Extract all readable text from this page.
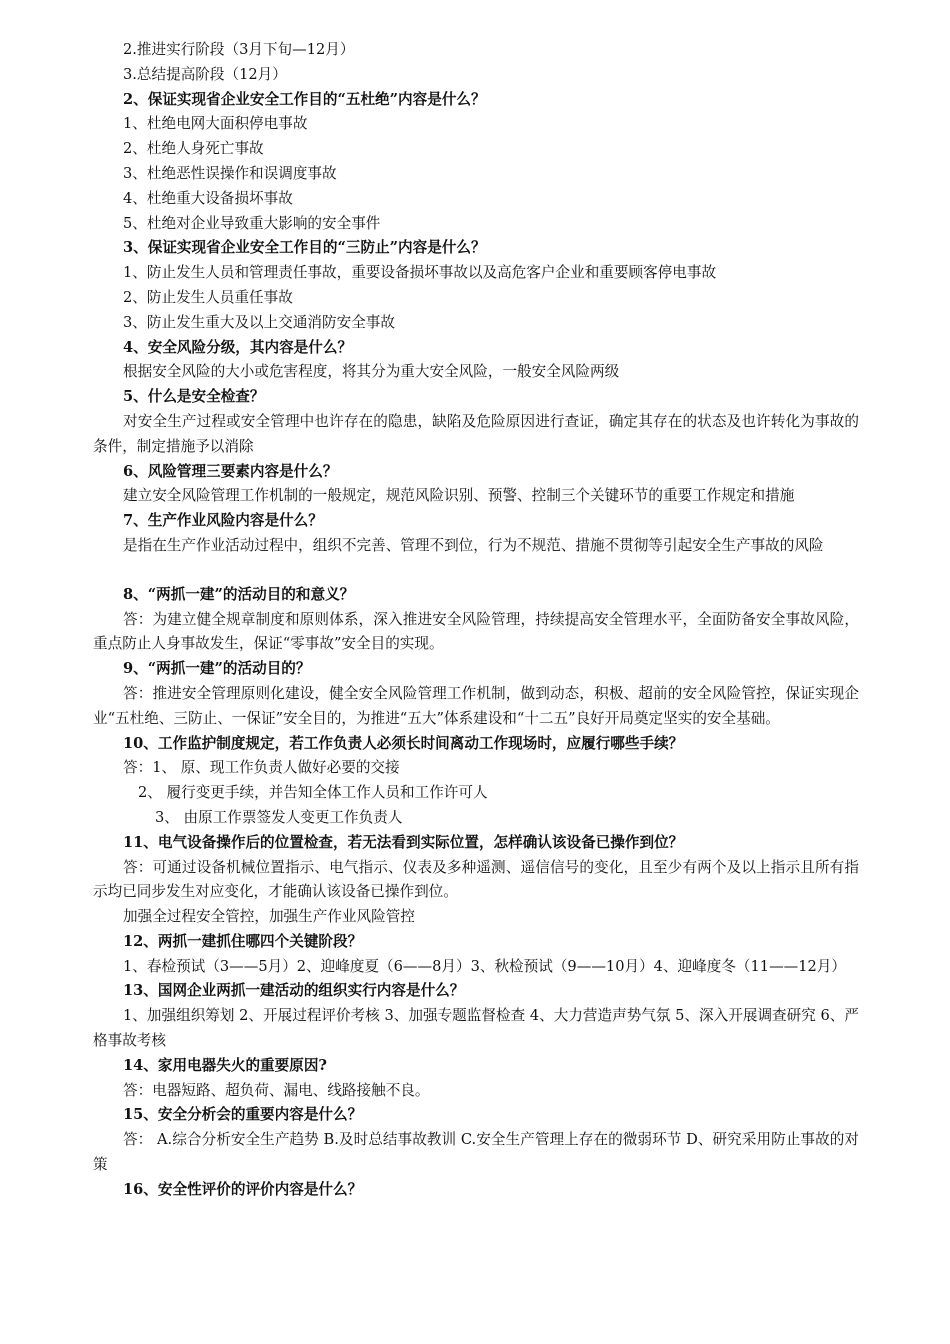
2.推进实行阶段（3月下旬—12月）

3.总结提高阶段（12月）

2、保证实现省企业安全工作目的“五杜绝”内容是什么？

1、杜绝电网大面积停电事故

2、杜绝人身死亡事故

3、杜绝恶性误操作和误调度事故

4、杜绝重大设备损坏事故

5、杜绝对企业导致重大影响的安全事件

3、保证实现省企业安全工作目的“三防止”内容是什么？

1、防止发生人员和管理责任事故，重要设备损坏事故以及高危客户企业和重要顾客停电事故

2、防止发生人员重任事故

3、防止发生重大及以上交通消防安全事故

4、安全风险分级，其内容是什么？

根据安全风险的大小或危害程度，将其分为重大安全风险，一般安全风险两级

5、什么是安全检查？

对安全生产过程或安全管理中也许存在的隐患，缺陷及危险原因进行查证，确定其存在的状态及也许转化为事故的条件，制定措施予以消除

6、风险管理三要素内容是什么？

建立安全风险管理工作机制的一般规定，规范风险识别、预警、控制三个关键环节的重要工作规定和措施

7、生产作业风险内容是什么？

是指在生产作业活动过程中，组织不完善、管理不到位，行为不规范、措施不贯彻等引起安全生产事故的风险

8、“两抓一建”的活动目的和意义？

答：为建立健全规章制度和原则体系，深入推进安全风险管理，持续提高安全管理水平，全面防备安全事故风险，重点防止人身事故发生，保证“零事故”安全目的实现。

9、“两抓一建”的活动目的？

答：推进安全管理原则化建设，健全安全风险管理工作机制，做到动态，积极、超前的安全风险管控，保证实现企业“五杜绝、三防止、一保证”安全目的，为推进“五大”体系建设和“十二五”良好开局奠定坚实的安全基础。

10、工作监护制度规定，若工作负责人必须长时间离动工作现场时，应履行哪些手续？

答：1、 原、现工作负责人做好必要的交接

2、 履行变更手续，并告知全体工作人员和工作许可人

3、 由原工作票签发人变更工作负责人

11、电气设备操作后的位置检查，若无法看到实际位置，怎样确认该设备已操作到位？

答：可通过设备机械位置指示、电气指示、仪表及多种遥测、遥信信号的变化，且至少有两个及以上指示且所有指示均已同步发生对应变化，才能确认该设备已操作到位。

加强全过程安全管控，加强生产作业风险管控

12、两抓一建抓住哪四个关键阶段？

1、春检预试（3——5月）2、迎峰度夏（6——8月）3、秋检预试（9——10月）4、迎峰度冬（11——12月）

13、国网企业两抓一建活动的组织实行内容是什么？

1、加强组织筹划 2、开展过程评价考核 3、加强专题监督检查 4、大力营造声势气氛 5、深入开展调查研究 6、严格事故考核

14、家用电器失火的重要原因?

答：电器短路、超负荷、漏电、线路接触不良。

15、安全分析会的重要内容是什么？

答： A.综合分析安全生产趋势 B.及时总结事故教训 C.安全生产管理上存在的微弱环节 D、研究采用防止事故的对策

16、安全性评价的评价内容是什么？
